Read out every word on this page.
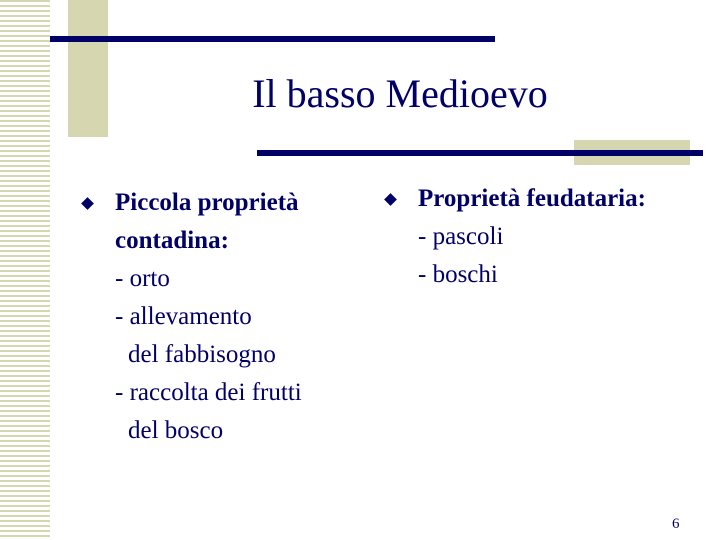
Il basso Medioevo
Piccola proprietà
contadina:
- orto
- allevamento
del fabbisogno
- raccolta dei frutti
del bosco
Proprietà feudataria:
- pascoli
- boschi
6
